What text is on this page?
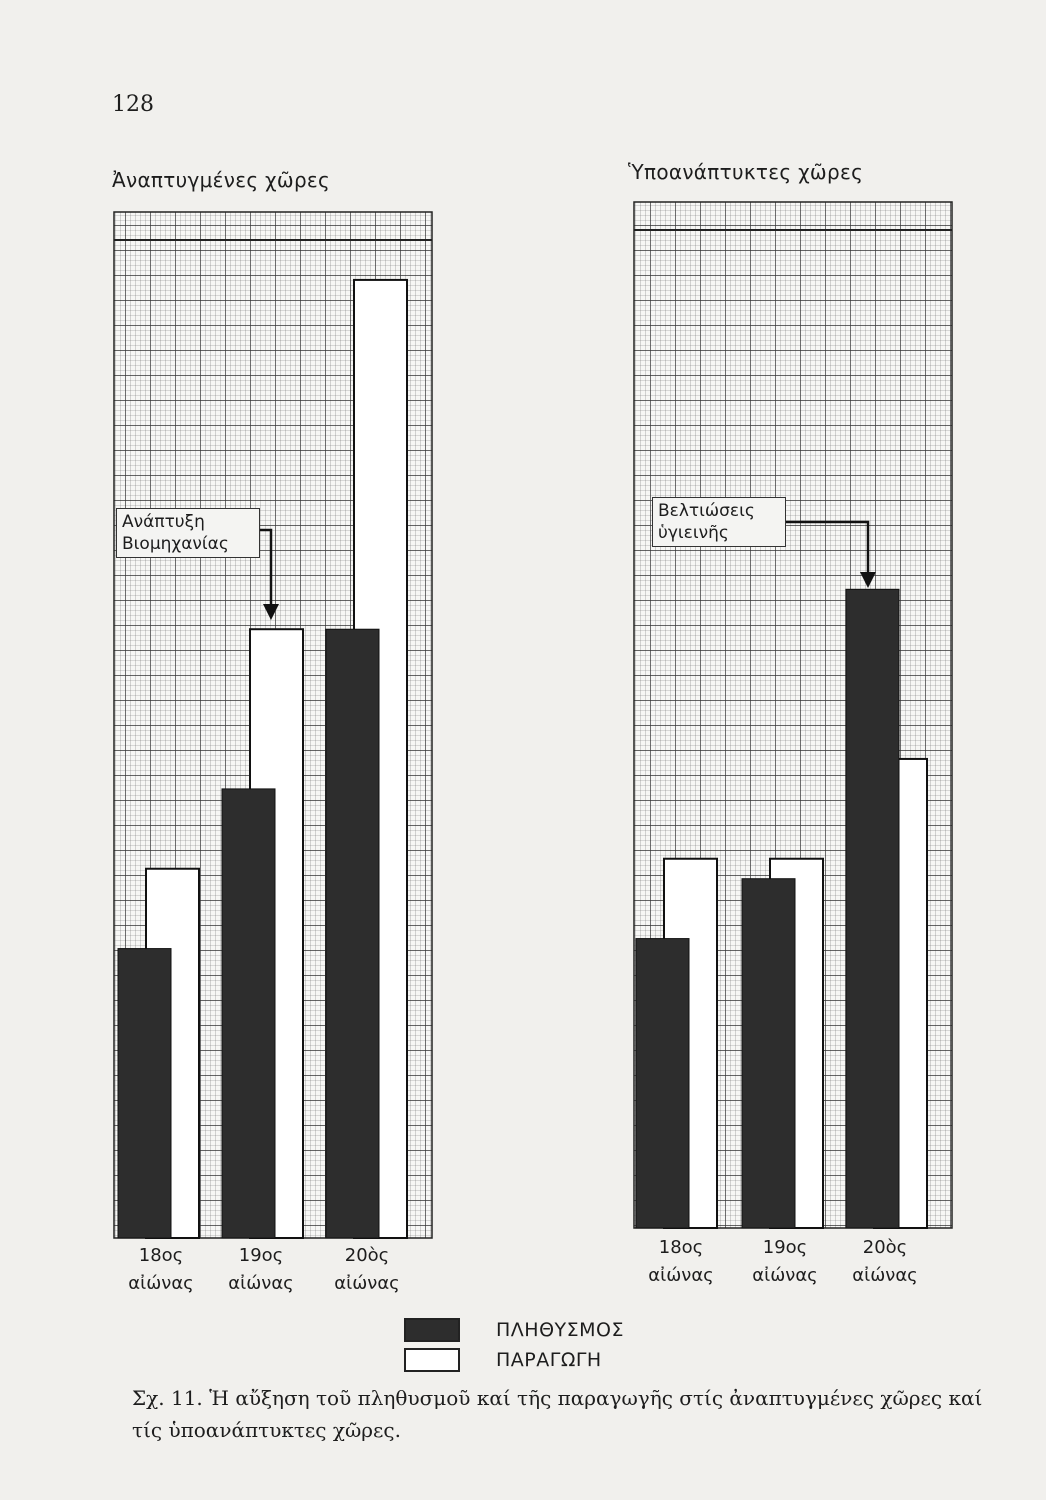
128
Ἀναπτυγμένες χῶρες	Ὑποανάπτυκτες χῶρες
Ανάπτυξη
Βιομηχανίας
Βελτιώσεις
ὑγιεινῆς
18ος
αἰώνας
19ος
αἰώνας
20ὸς
αἰώνας
18ος
αἰώνας
19ος
αἰώνας
20ὸς
αἰώνας
ΠΛΗΘΥΣΜΟΣ
ΠΑΡΑΓΩΓΗ
Σχ. 11. Ἡ αὔξηση τοῦ πληθυσμοῦ καί τῆς παραγωγῆς στίς ἀναπτυγμένες χῶρες καί τίς ὑποανάπτυκτες χῶρες.
